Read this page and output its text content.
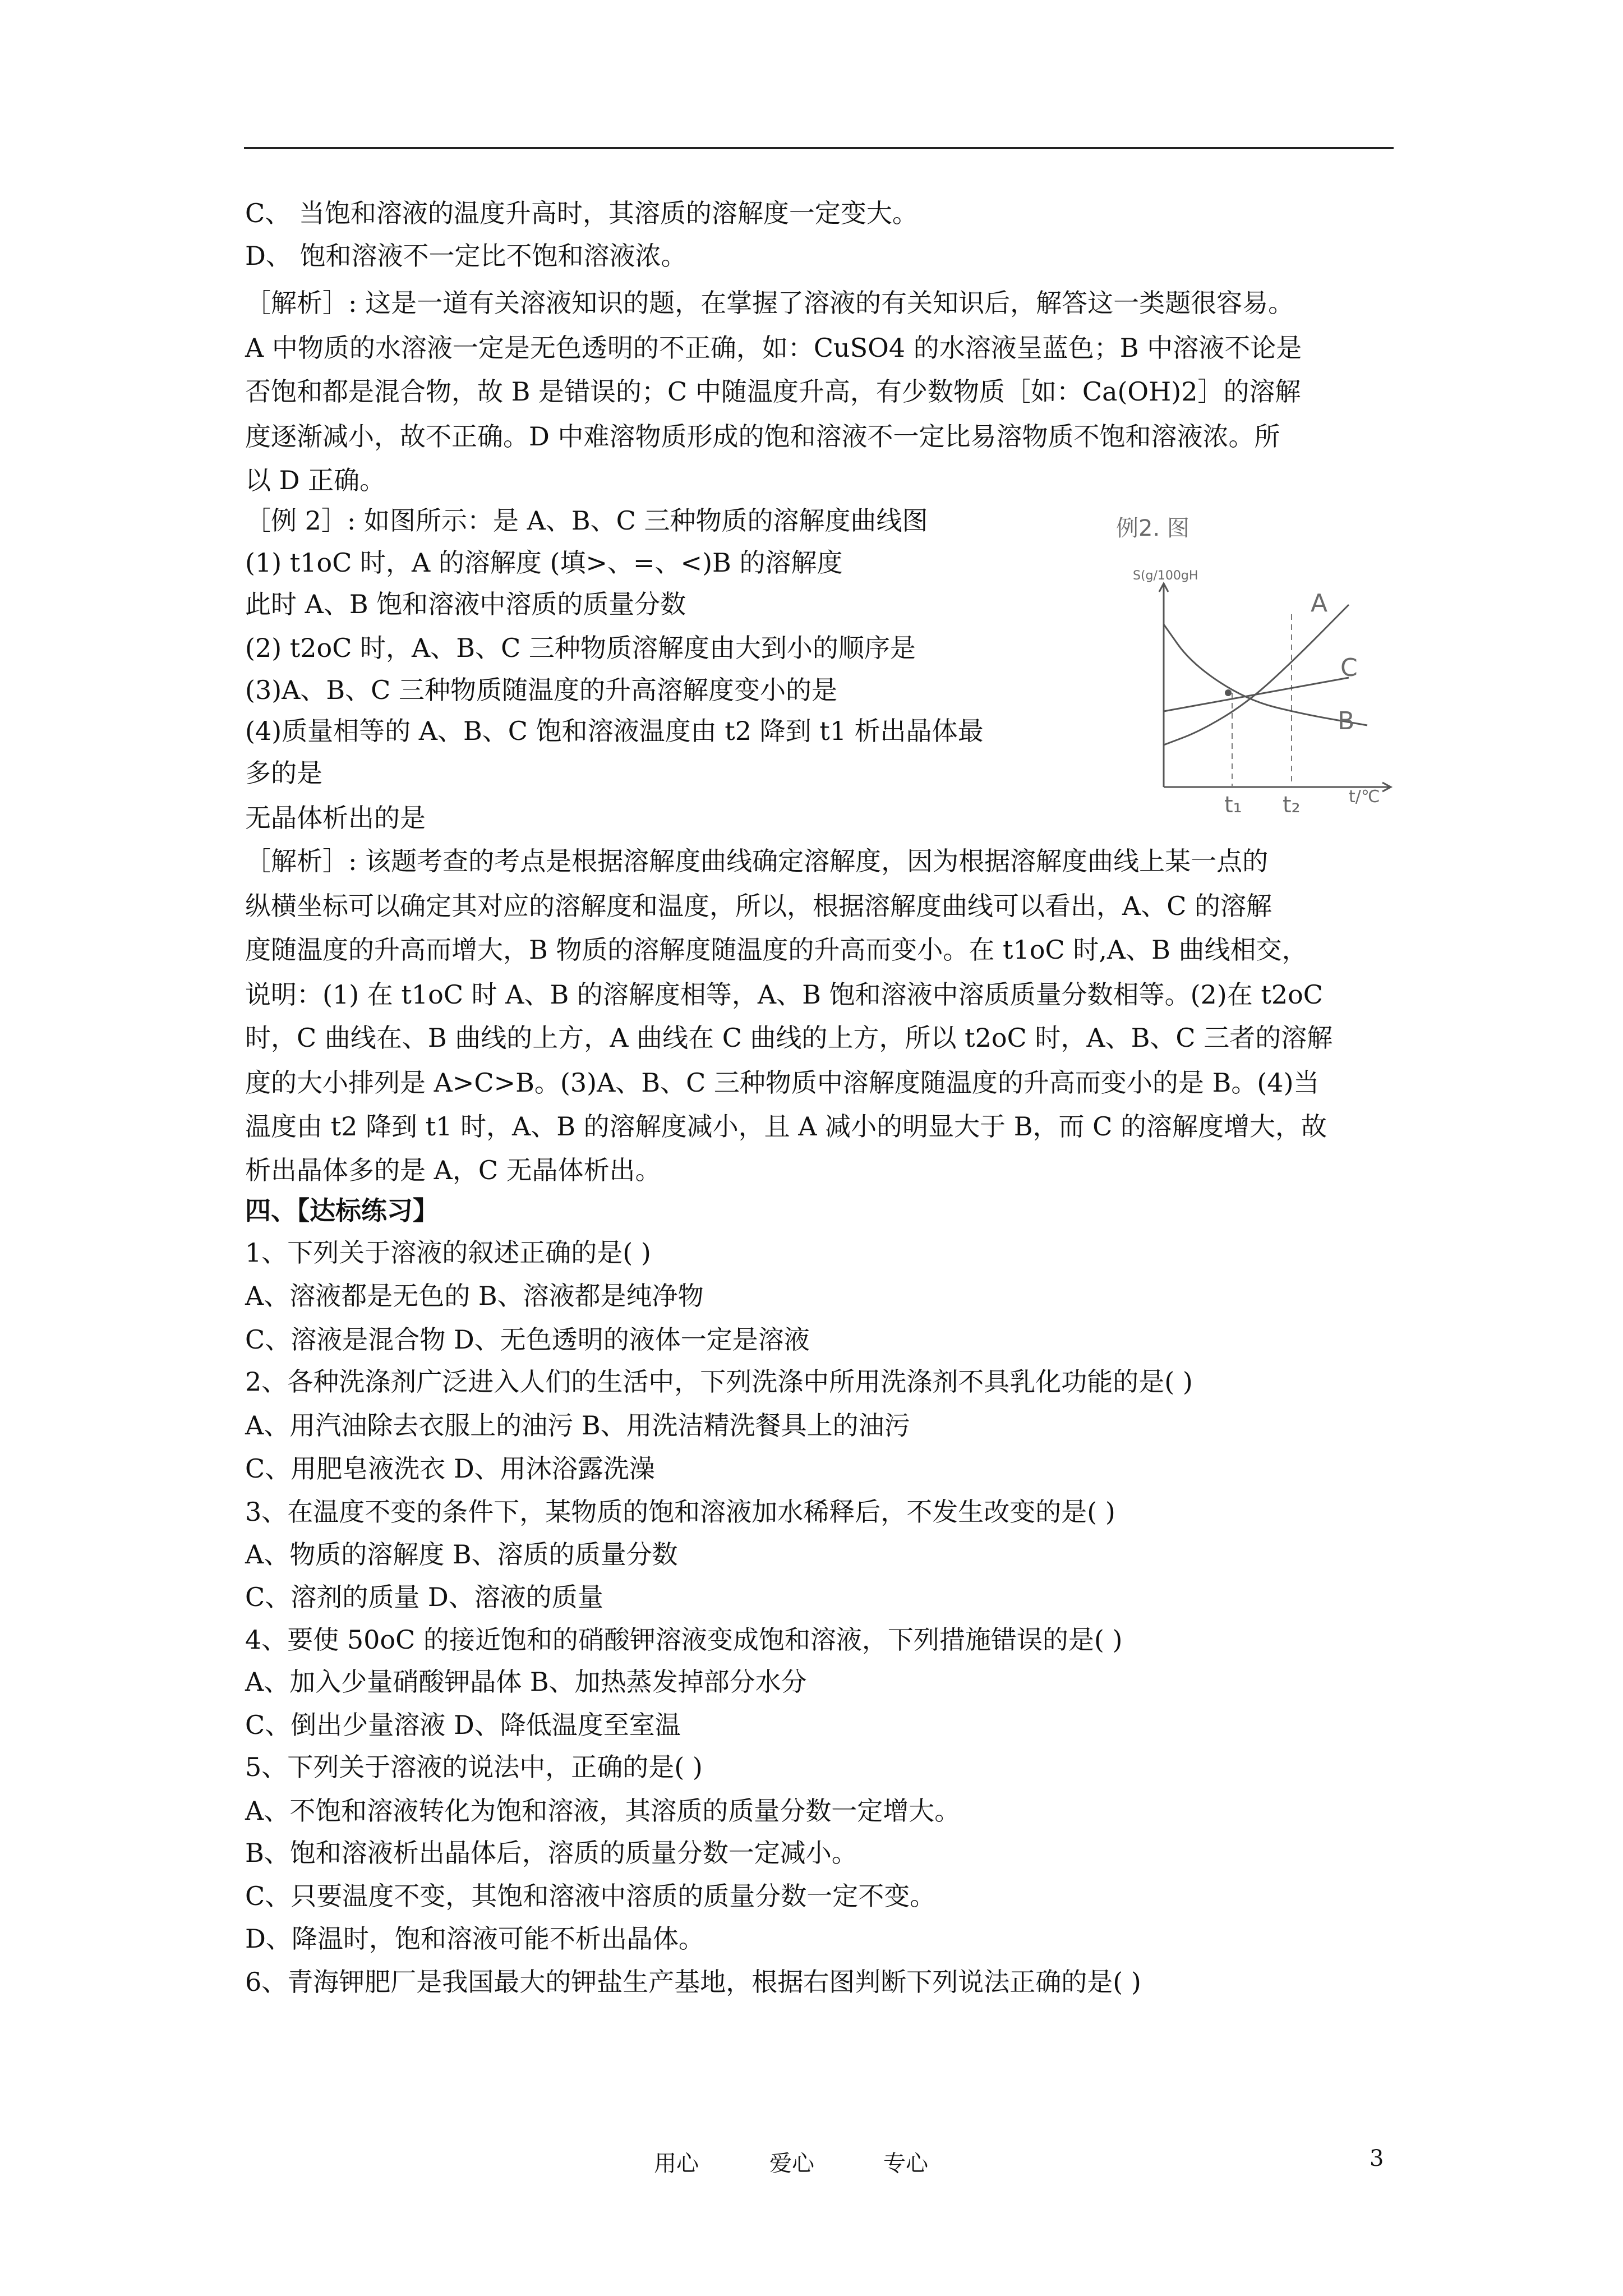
C、 当饱和溶液的温度升高时，其溶质的溶解度一定变大。
D、 饱和溶液不一定比不饱和溶液浓。
［解析］: 这是一道有关溶液知识的题，在掌握了溶液的有关知识后，解答这一类题很容易。
A 中物质的水溶液一定是无色透明的不正确，如：CuSO4 的水溶液呈蓝色；B 中溶液不论是
否饱和都是混合物，故 B 是错误的；C 中随温度升高，有少数物质［如：Ca(OH)2］的溶解
度逐渐减小，故不正确。D 中难溶物质形成的饱和溶液不一定比易溶物质不饱和溶液浓。所
以 D 正确。
［例 2］: 如图所示：是 A、B、C 三种物质的溶解度曲线图
(1) t1oC 时，A 的溶解度 (填>、=、<)B 的溶解度
此时 A、B 饱和溶液中溶质的质量分数
(2) t2oC 时，A、B、C 三种物质溶解度由大到小的顺序是
(3)A、B、C 三种物质随温度的升高溶解度变小的是
(4)质量相等的 A、B、C 饱和溶液温度由 t2 降到 t1 析出晶体最
多的是
无晶体析出的是
［解析］: 该题考查的考点是根据溶解度曲线确定溶解度，因为根据溶解度曲线上某一点的
纵横坐标可以确定其对应的溶解度和温度，所以，根据溶解度曲线可以看出，A、C 的溶解
度随温度的升高而增大，B 物质的溶解度随温度的升高而变小。在 t1oC 时,A、B 曲线相交，
说明：(1) 在 t1oC 时 A、B 的溶解度相等，A、B 饱和溶液中溶质质量分数相等。(2)在 t2oC
时，C 曲线在、B 曲线的上方，A 曲线在 C 曲线的上方，所以 t2oC 时，A、B、C 三者的溶解
度的大小排列是 A>C>B。(3)A、B、C 三种物质中溶解度随温度的升高而变小的是 B。(4)当
温度由 t2 降到 t1 时，A、B 的溶解度减小，且 A 减小的明显大于 B，而 C 的溶解度增大，故
析出晶体多的是 A，C 无晶体析出。
四、【达标练习】
1、下列关于溶液的叙述正确的是( )
A、溶液都是无色的 B、溶液都是纯净物
C、溶液是混合物 D、无色透明的液体一定是溶液
2、各种洗涤剂广泛进入人们的生活中，下列洗涤中所用洗涤剂不具乳化功能的是( )
A、用汽油除去衣服上的油污 B、用洗洁精洗餐具上的油污
C、用肥皂液洗衣 D、用沐浴露洗澡
3、在温度不变的条件下，某物质的饱和溶液加水稀释后，不发生改变的是( )
A、物质的溶解度 B、溶质的质量分数
C、溶剂的质量 D、溶液的质量
4、要使 50oC 的接近饱和的硝酸钾溶液变成饱和溶液，下列措施错误的是( )
A、加入少量硝酸钾晶体 B、加热蒸发掉部分水分
C、倒出少量溶液 D、降低温度至室温
5、下列关于溶液的说法中，正确的是( )
A、不饱和溶液转化为饱和溶液，其溶质的质量分数一定增大。
B、饱和溶液析出晶体后，溶质的质量分数一定减小。
C、只要温度不变，其饱和溶液中溶质的质量分数一定不变。
D、降温时，饱和溶液可能不析出晶体。
6、青海钾肥厂是我国最大的钾盐生产基地，根据右图判断下列说法正确的是( )
例2. 图
S(g/100gH
A
C
B
t₁ t₂	t/℃
用心	爱心	专心	3
